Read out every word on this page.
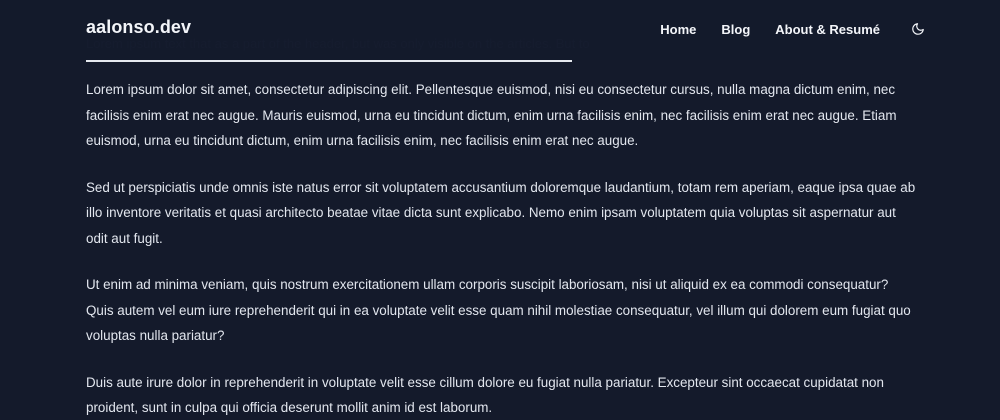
aalonso.dev	Home Blog About & Resumé

Lorem ipsum dolor sit amet, consectetur adipiscing elit. Pellentesque euismod, nisi eu consectetur cursus, nulla magna dictum enim, nec facilisis enim erat nec augue. Mauris euismod, urna eu tincidunt dictum, enim urna facilisis enim, nec facilisis enim erat nec augue. Etiam euismod, urna eu tincidunt dictum, enim urna facilisis enim, nec facilisis enim erat nec augue.

Sed ut perspiciatis unde omnis iste natus error sit voluptatem accusantium doloremque laudantium, totam rem aperiam, eaque ipsa quae ab illo inventore veritatis et quasi architecto beatae vitae dicta sunt explicabo. Nemo enim ipsam voluptatem quia voluptas sit aspernatur aut odit aut fugit.

Ut enim ad minima veniam, quis nostrum exercitationem ullam corporis suscipit laboriosam, nisi ut aliquid ex ea commodi consequatur? Quis autem vel eum iure reprehenderit qui in ea voluptate velit esse quam nihil molestiae consequatur, vel illum qui dolorem eum fugiat quo voluptas nulla pariatur?

Duis aute irure dolor in reprehenderit in voluptate velit esse cillum dolore eu fugiat nulla pariatur. Excepteur sint occaecat cupidatat non proident, sunt in culpa qui officia deserunt mollit anim id est laborum.
